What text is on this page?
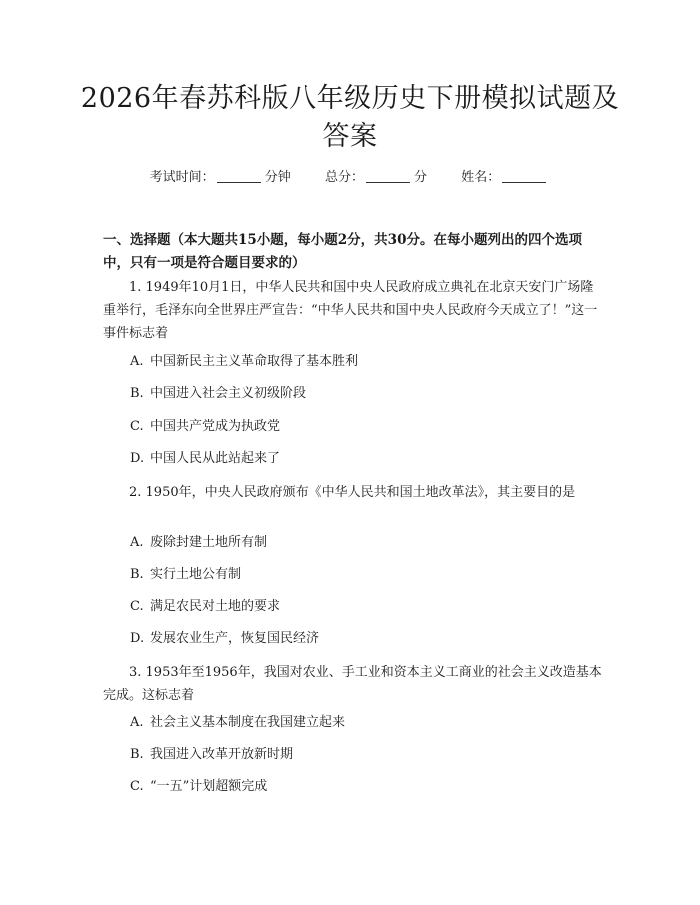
2026年春苏科版八年级历史下册模拟试题及答案
考试时间：	分钟	总分：	分	姓名：

一、选择题（本大题共15小题，每小题2分，共30分。在每小题列出的四个选项中，只有一项是符合题目要求的）

1. 1949年10月1日，中华人民共和国中央人民政府成立典礼在北京天安门广场隆重举行，毛泽东向全世界庄严宣告：“中华人民共和国中央人民政府今天成立了！”这一事件标志着

A. 中国新民主主义革命取得了基本胜利

B. 中国进入社会主义初级阶段

C. 中国共产党成为执政党

D. 中国人民从此站起来了

2. 1950年，中央人民政府颁布《中华人民共和国土地改革法》，其主要目的是

A. 废除封建土地所有制

B. 实行土地公有制

C. 满足农民对土地的要求

D. 发展农业生产，恢复国民经济

3. 1953年至1956年，我国对农业、手工业和资本主义工商业的社会主义改造基本完成。这标志着

A. 社会主义基本制度在我国建立起来

B. 我国进入改革开放新时期

C. “一五”计划超额完成
